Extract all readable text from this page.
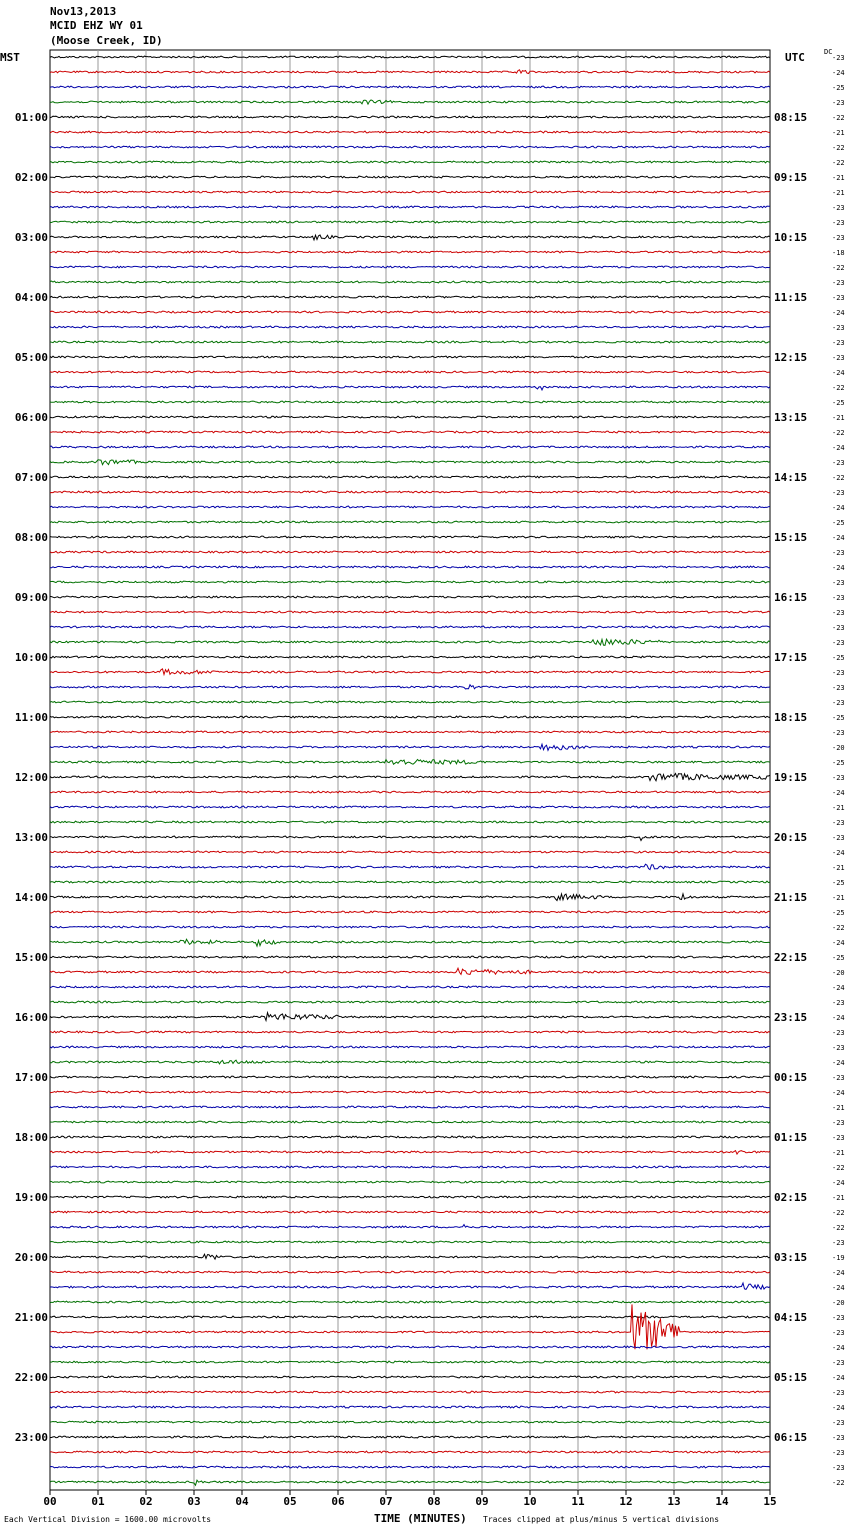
Nov13,2013
MCID EHZ WY 01
(Moose Creek, ID)
MST	UTC	DC
00	01	02	03	04	05	06	07	08	09	10	11	12	13	14	15
-23
-24
-25
-23
-22
-21
-22
-22
-21
-21
-23
-23
-23
-18
-22
-23
-23
-24
-23
-23
-23
-24
-22
-25
-21
-22
-24
-23
-22
-23
-24
-25
-24
-23
-24
-23
-23
-23
-23
-23
-25
-23
-23
-23
-25
-23
-20
-25
-23
-24
-21
-23
-23
-24
-21
-25
-21
-25
-22
-24
-25
-20
-24
-23
-24
-23
-23
-24
-23
-24
-21
-23
-23
-21
-22
-24
-21
-22
-22
-23
-19
-24
-24
-20
-23
-23
-24
-23
-24
-23
-24
-23
-23
-23
-23
-22
01:00
02:00
03:00
04:00
05:00
06:00
07:00
08:00
09:00
10:00
11:00
12:00
13:00
14:00
15:00
16:00
17:00
18:00
19:00
20:00
21:00
22:00
23:00
08:15
09:15
10:15
11:15
12:15
13:15
14:15
15:15
16:15
17:15
18:15
19:15
20:15
21:15
22:15
23:15
00:15
01:15
02:15
03:15
04:15
05:15
06:15
Each Vertical Division = 1600.00 microvolts	TIME (MINUTES) Traces clipped at plus/minus 5 vertical divisions
